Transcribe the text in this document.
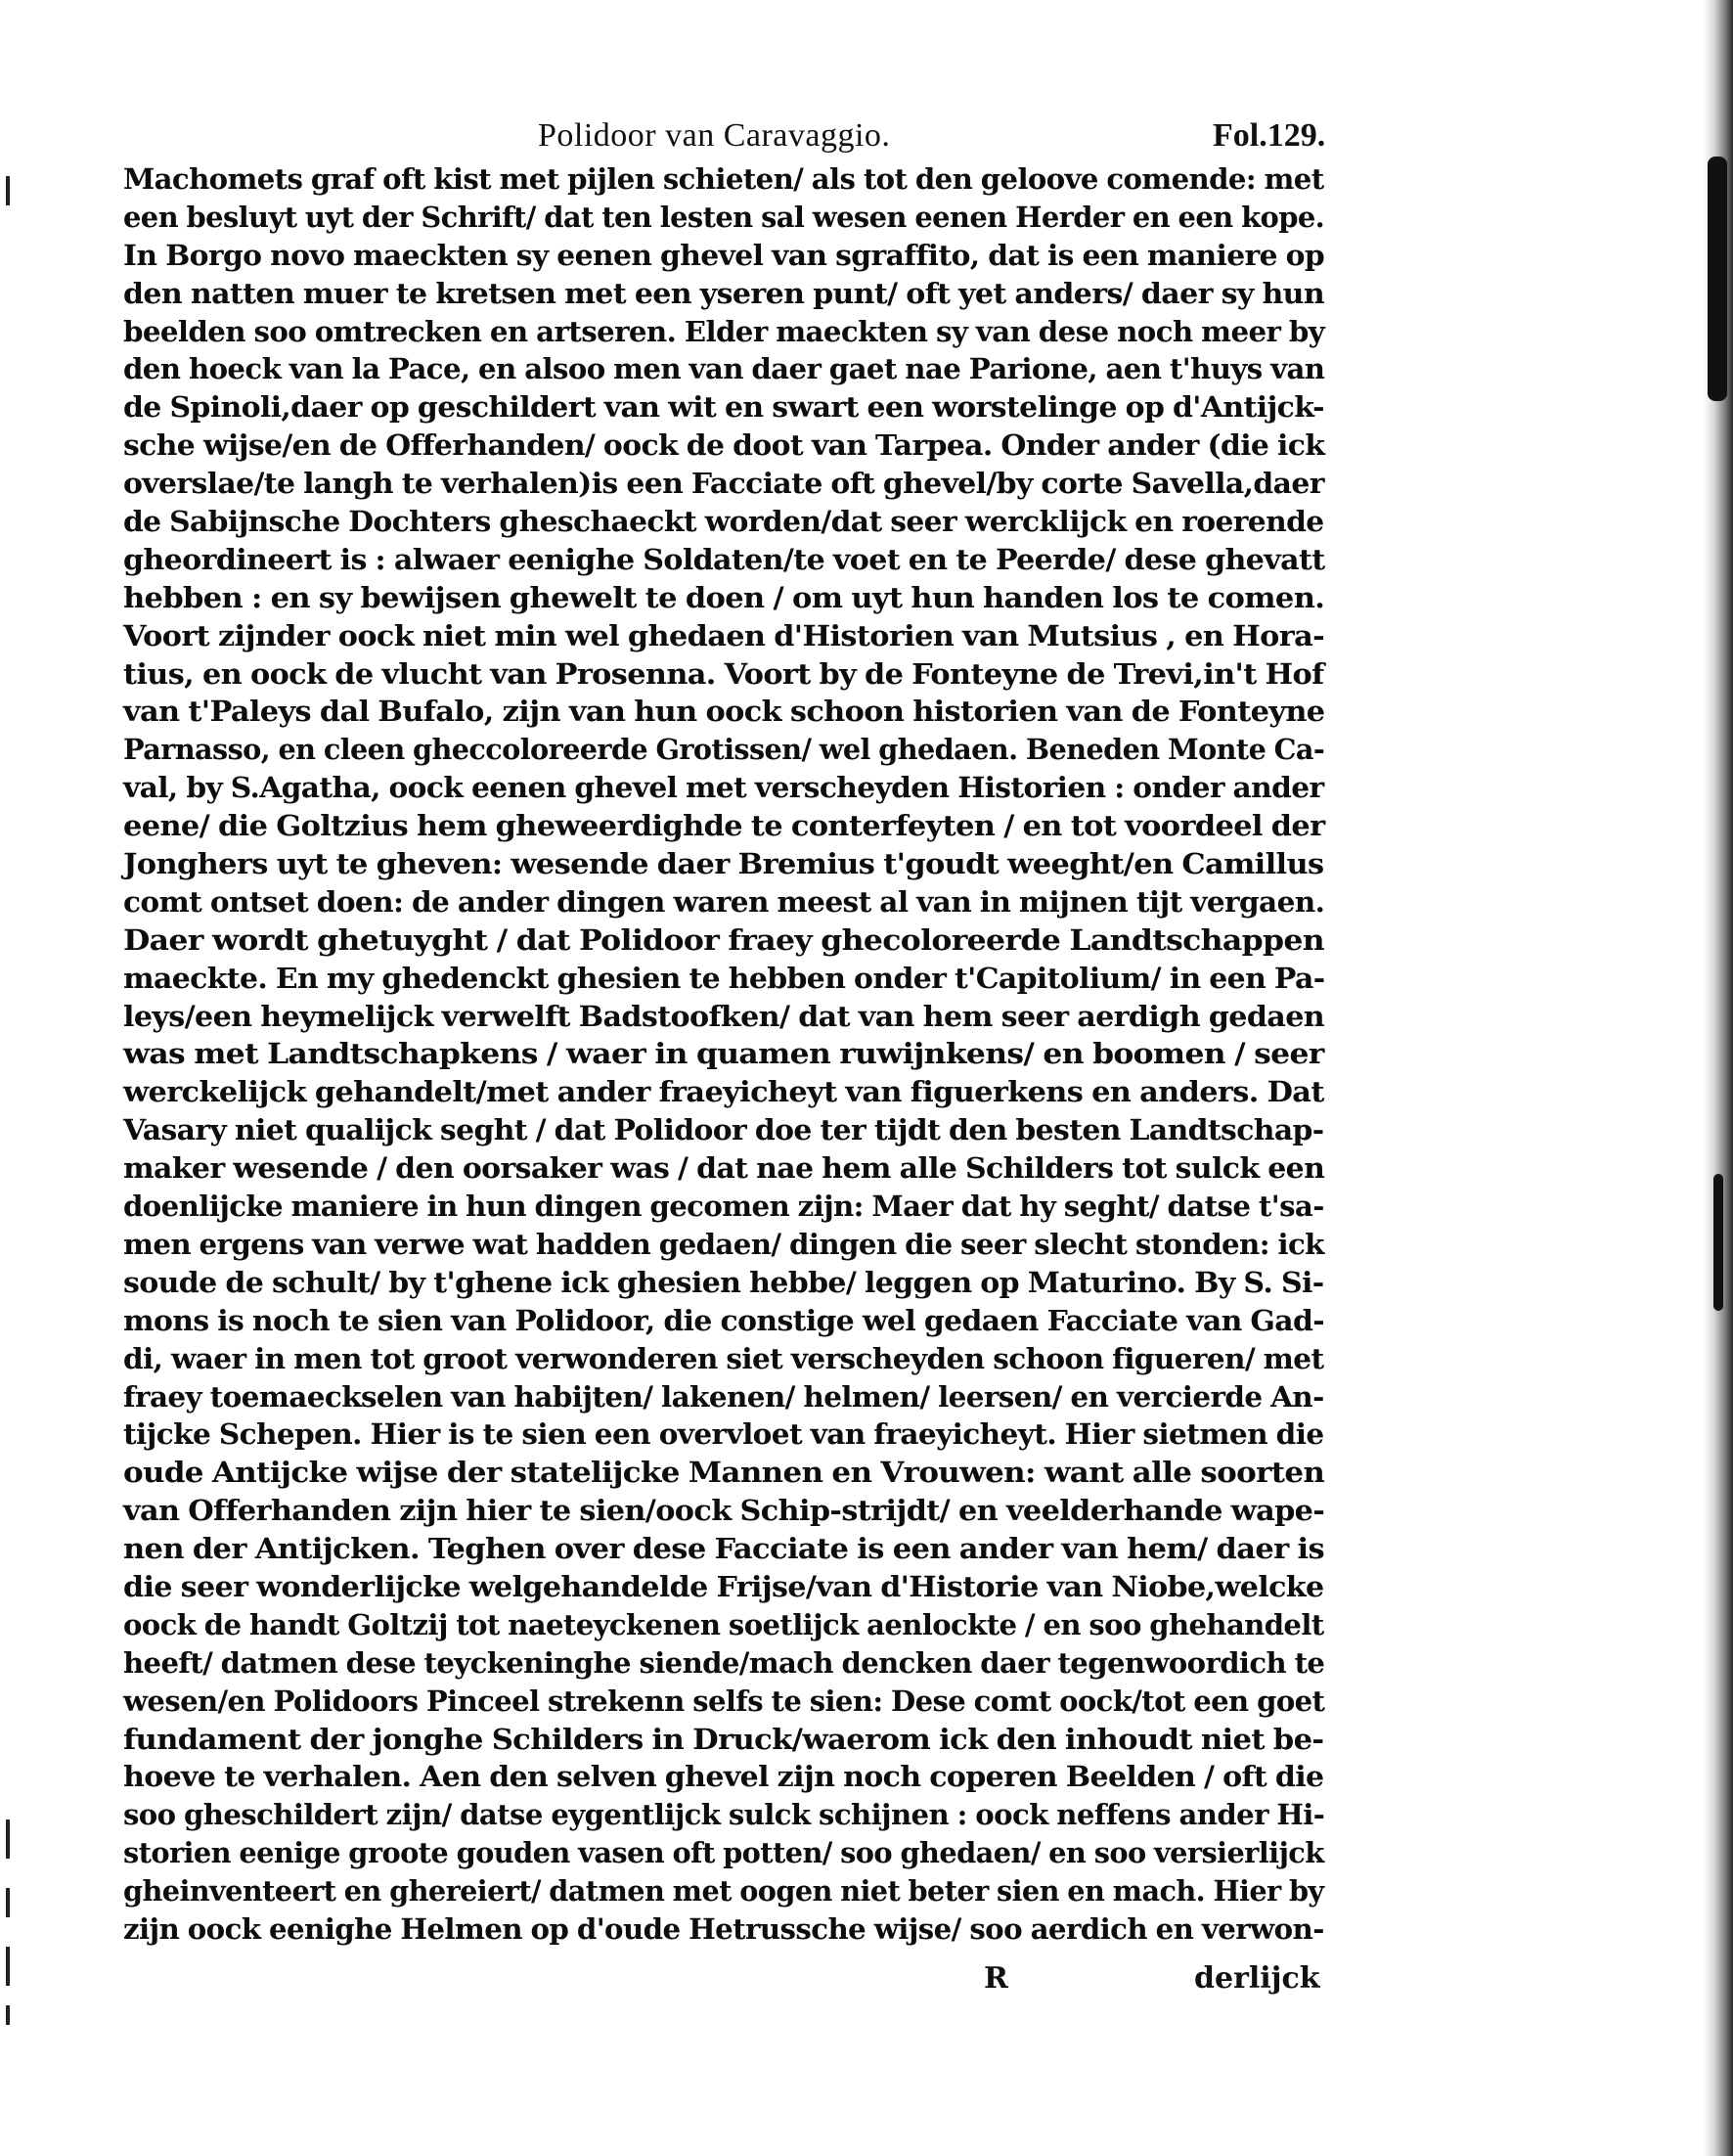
Polidoor van Caravaggio.	Fol.129.
Machomets graf oft kist met pijlen schieten/ als tot den geloove comende: met
een besluyt uyt der Schrift/ dat ten lesten sal wesen eenen Herder en een kope.
In Borgo novo maeckten sy eenen ghevel van sgraffito, dat is een maniere op
den natten muer te kretsen met een yseren punt/ oft yet anders/ daer sy hun
beelden soo omtrecken en artseren. Elder maeckten sy van dese noch meer by
den hoeck van la Pace, en alsoo men van daer gaet nae Parione, aen t'huys van
de Spinoli,daer op geschildert van wit en swart een worstelinge op d'Antijck-
sche wijse/en de Offerhanden/ oock de doot van Tarpea. Onder ander (die ick
overslae/te langh te verhalen)is een Facciate oft ghevel/by corte Savella,daer
de Sabijnsche Dochters gheschaeckt worden/dat seer wercklijck en roerende
gheordineert is : alwaer eenighe Soldaten/te voet en te Peerde/ dese ghevatt
hebben : en sy bewijsen ghewelt te doen / om uyt hun handen los te comen.
Voort zijnder oock niet min wel ghedaen d'Historien van Mutsius , en Hora-
tius, en oock de vlucht van Prosenna. Voort by de Fonteyne de Trevi,in't Hof
van t'Paleys dal Bufalo, zijn van hun oock schoon historien van de Fonteyne
Parnasso, en cleen gheccoloreerde Grotissen/ wel ghedaen. Beneden Monte Ca-
val, by S.Agatha, oock eenen ghevel met verscheyden Historien : onder ander
eene/ die Goltzius hem gheweerdighde te conterfeyten / en tot voordeel der
Jonghers uyt te gheven: wesende daer Bremius t'goudt weeght/en Camillus
comt ontset doen: de ander dingen waren meest al van in mijnen tijt vergaen.
Daer wordt ghetuyght / dat Polidoor fraey ghecoloreerde Landtschappen
maeckte. En my ghedenckt ghesien te hebben onder t'Capitolium/ in een Pa-
leys/een heymelijck verwelft Badstoofken/ dat van hem seer aerdigh gedaen
was met Landtschapkens / waer in quamen ruwijnkens/ en boomen / seer
werckelijck gehandelt/met ander fraeyicheyt van figuerkens en anders. Dat
Vasary niet qualijck seght / dat Polidoor doe ter tijdt den besten Landtschap-
maker wesende / den oorsaker was / dat nae hem alle Schilders tot sulck een
doenlijcke maniere in hun dingen gecomen zijn: Maer dat hy seght/ datse t'sa-
men ergens van verwe wat hadden gedaen/ dingen die seer slecht stonden: ick
soude de schult/ by t'ghene ick ghesien hebbe/ leggen op Maturino. By S. Si-
mons is noch te sien van Polidoor, die constige wel gedaen Facciate van Gad-
di, waer in men tot groot verwonderen siet verscheyden schoon figueren/ met
fraey toemaeckselen van habijten/ lakenen/ helmen/ leersen/ en vercierde An-
tijcke Schepen. Hier is te sien een overvloet van fraeyicheyt. Hier sietmen die
oude Antijcke wijse der statelijcke Mannen en Vrouwen: want alle soorten
van Offerhanden zijn hier te sien/oock Schip-strijdt/ en veelderhande wape-
nen der Antijcken. Teghen over dese Facciate is een ander van hem/ daer is
die seer wonderlijcke welgehandelde Frijse/van d'Historie van Niobe,welcke
oock de handt Goltzij tot naeteyckenen soetlijck aenlockte / en soo ghehandelt
heeft/ datmen dese teyckeninghe siende/mach dencken daer tegenwoordich te
wesen/en Polidoors Pinceel strekenn selfs te sien: Dese comt oock/tot een goet
fundament der jonghe Schilders in Druck/waerom ick den inhoudt niet be-
hoeve te verhalen. Aen den selven ghevel zijn noch coperen Beelden / oft die
soo gheschildert zijn/ datse eygentlijck sulck schijnen : oock neffens ander Hi-
storien eenige groote gouden vasen oft potten/ soo ghedaen/ en soo versierlijck
gheinventeert en ghereiert/ datmen met oogen niet beter sien en mach. Hier by
zijn oock eenighe Helmen op d'oude Hetrussche wijse/ soo aerdich en verwon-
R	derlijck
